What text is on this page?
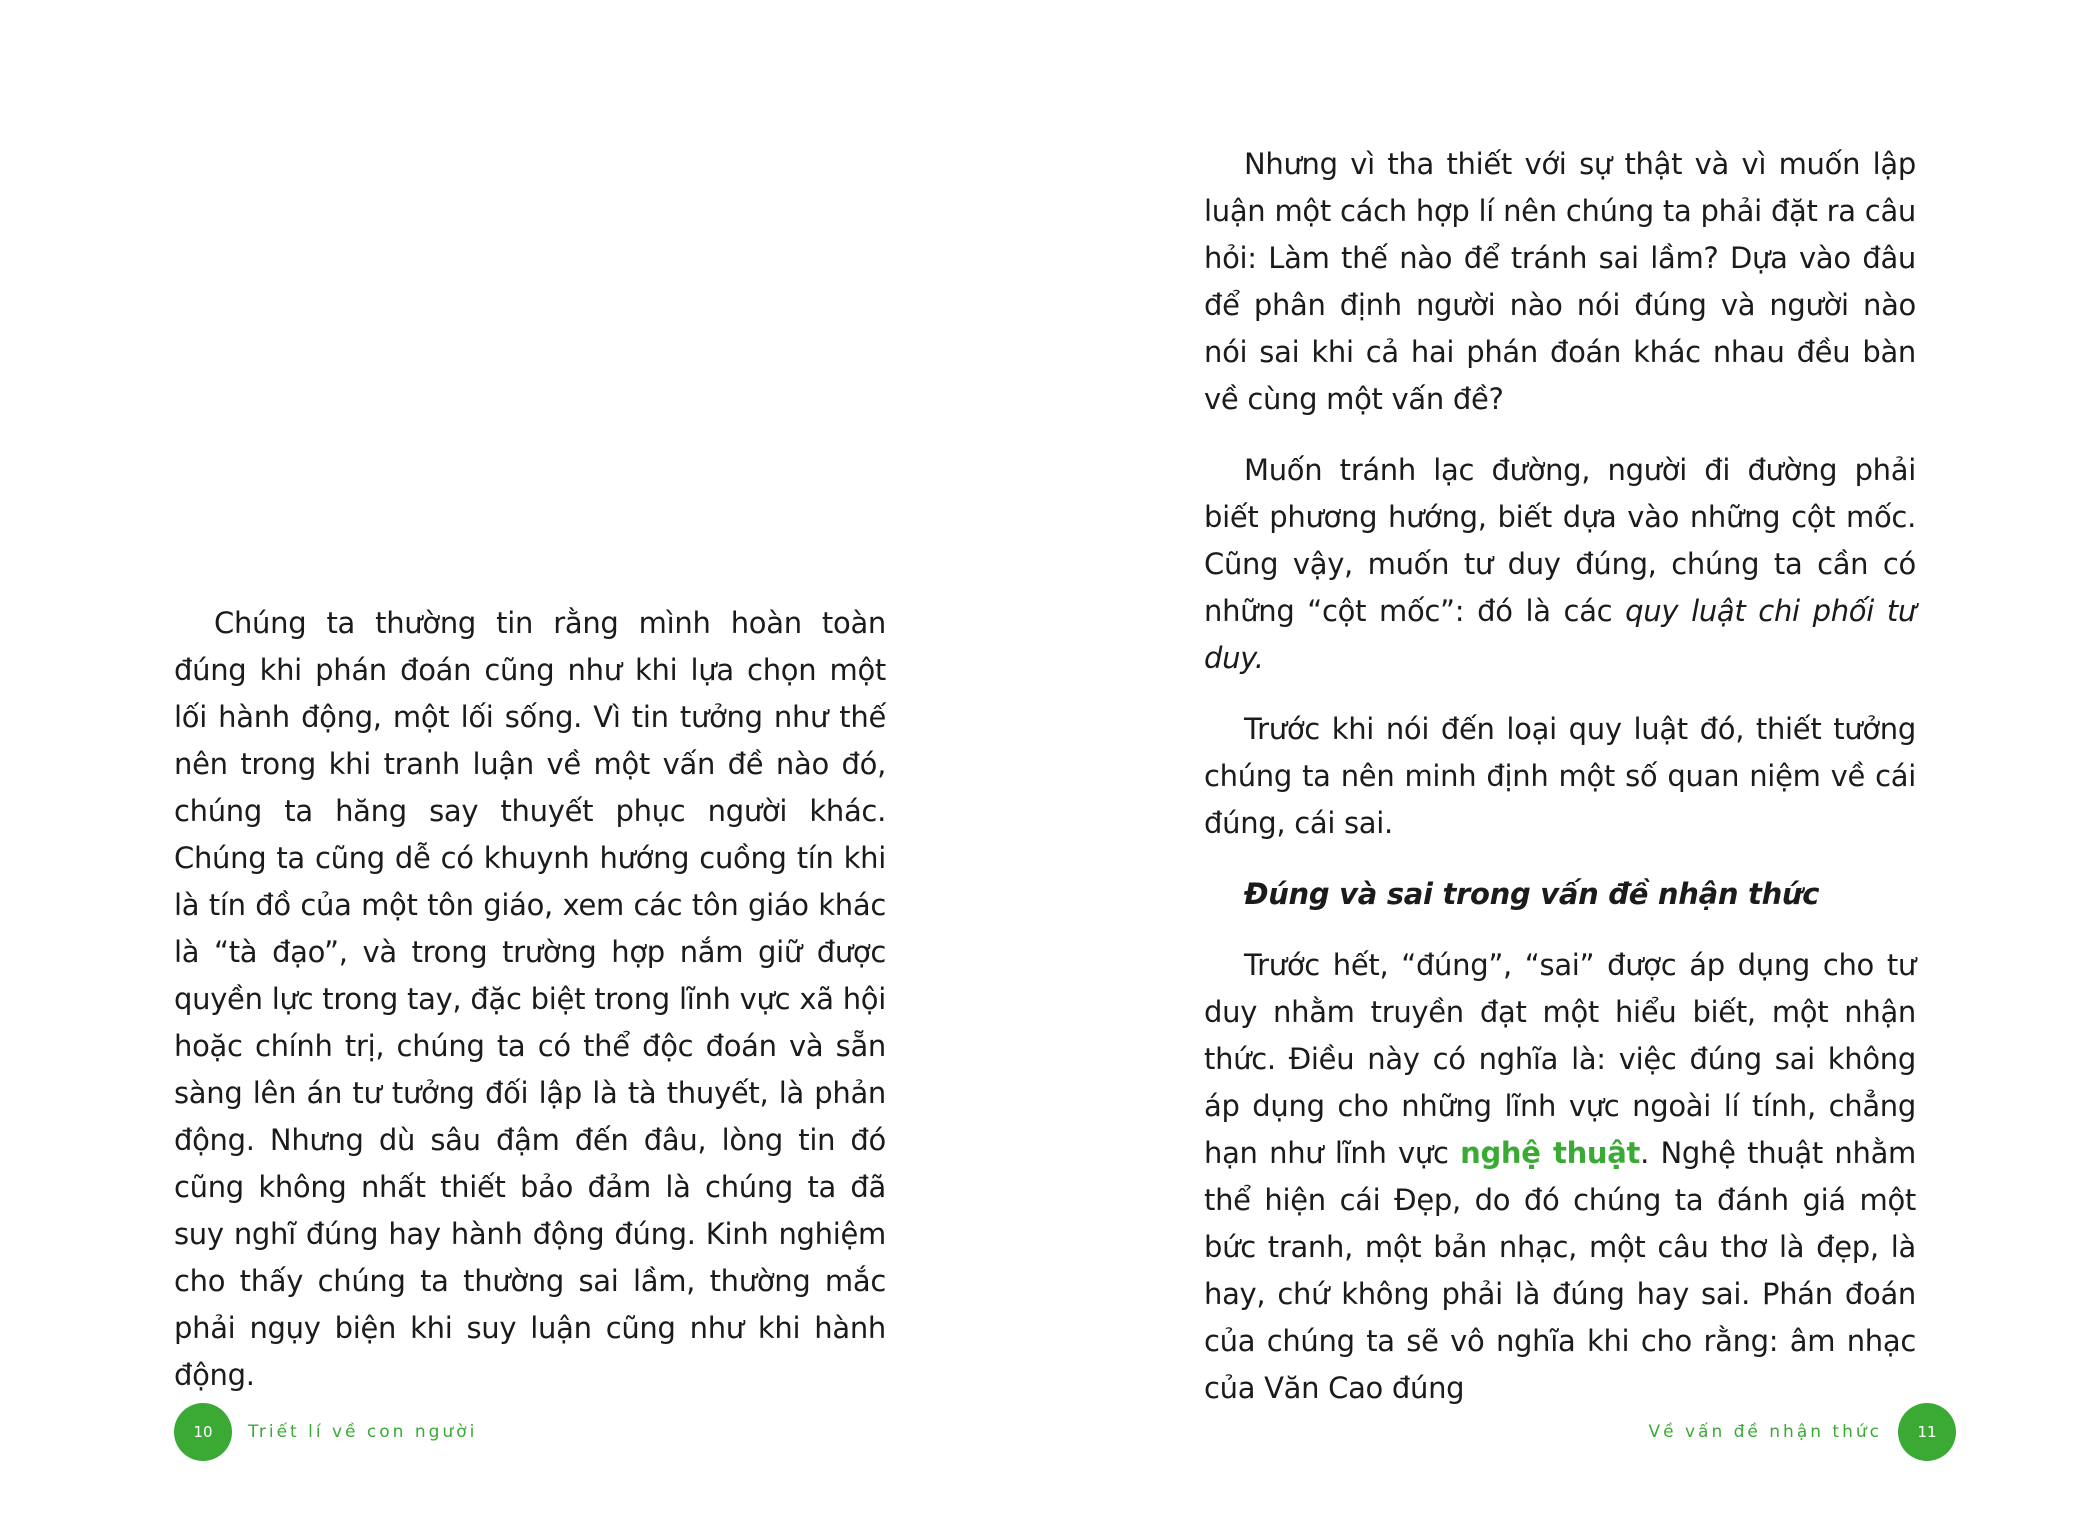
Chúng ta thường tin rằng mình hoàn toàn đúng khi phán đoán cũng như khi lựa chọn một lối hành động, một lối sống. Vì tin tưởng như thế nên trong khi tranh luận về một vấn đề nào đó, chúng ta hăng say thuyết phục người khác. Chúng ta cũng dễ có khuynh hướng cuồng tín khi là tín đồ của một tôn giáo, xem các tôn giáo khác là “tà đạo”, và trong trường hợp nắm giữ được quyền lực trong tay, đặc biệt trong lĩnh vực xã hội hoặc chính trị, chúng ta có thể độc đoán và sẵn sàng lên án tư tưởng đối lập là tà thuyết, là phản động. Nhưng dù sâu đậm đến đâu, lòng tin đó cũng không nhất thiết bảo đảm là chúng ta đã suy nghĩ đúng hay hành động đúng. Kinh nghiệm cho thấy chúng ta thường sai lầm, thường mắc phải ngụy biện khi suy luận cũng như khi hành động.

10	Triết lí về con người

Nhưng vì tha thiết với sự thật và vì muốn lập luận một cách hợp lí nên chúng ta phải đặt ra câu hỏi: Làm thế nào để tránh sai lầm? Dựa vào đâu để phân định người nào nói đúng và người nào nói sai khi cả hai phán đoán khác nhau đều bàn về cùng một vấn đề?

Muốn tránh lạc đường, người đi đường phải biết phương hướng, biết dựa vào những cột mốc. Cũng vậy, muốn tư duy đúng, chúng ta cần có những “cột mốc”: đó là các quy luật chi phối tư duy.

Trước khi nói đến loại quy luật đó, thiết tưởng chúng ta nên minh định một số quan niệm về cái đúng, cái sai.

Đúng và sai trong vấn đề nhận thức

Trước hết, “đúng”, “sai” được áp dụng cho tư duy nhằm truyền đạt một hiểu biết, một nhận thức. Điều này có nghĩa là: việc đúng sai không áp dụng cho những lĩnh vực ngoài lí tính, chẳng hạn như lĩnh vực nghệ thuật. Nghệ thuật nhằm thể hiện cái Đẹp, do đó chúng ta đánh giá một bức tranh, một bản nhạc, một câu thơ là đẹp, là hay, chứ không phải là đúng hay sai. Phán đoán của chúng ta sẽ vô nghĩa khi cho rằng: âm nhạc của Văn Cao đúng

Về vấn đề nhận thức	11
